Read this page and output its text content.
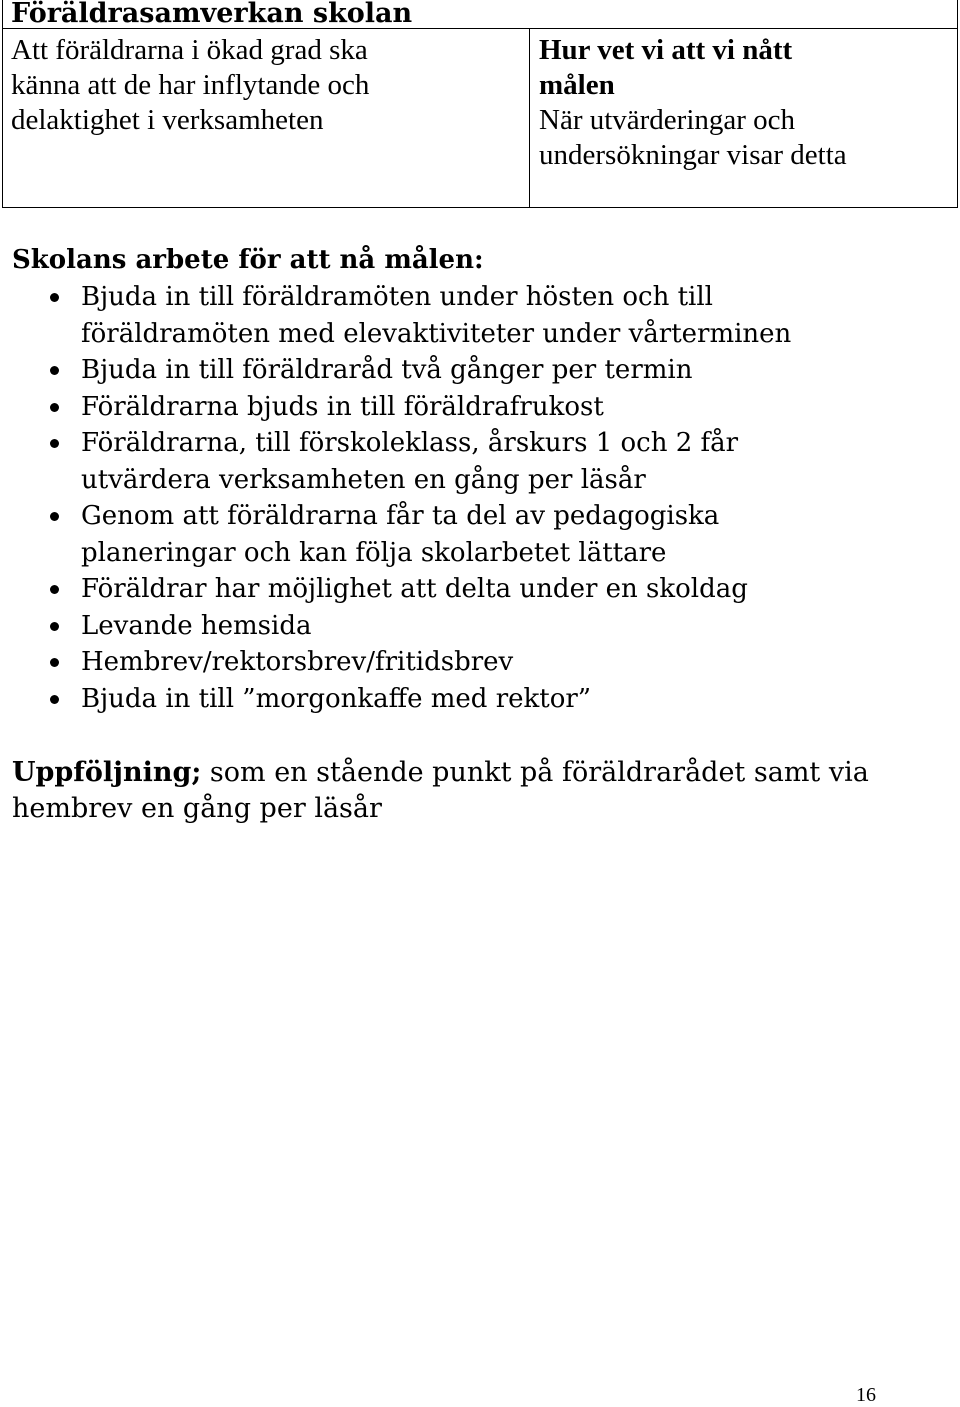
Föräldrasamverkan skolan
Att föräldrarna i ökad grad ska
känna att de har inflytande och
delaktighet i verksamheten
Hur vet vi att vi nått
målen
När utvärderingar och
undersökningar visar detta
Skolans arbete för att nå målen:
Bjuda in till föräldramöten under hösten och till
föräldramöten med elevaktiviteter under vårterminen
Bjuda in till föräldraråd två gånger per termin
Föräldrarna bjuds in till föräldrafrukost
Föräldrarna, till förskoleklass, årskurs 1 och 2 får
utvärdera verksamheten en gång per läsår
Genom att föräldrarna får ta del av pedagogiska
planeringar och kan följa skolarbetet lättare
Föräldrar har möjlighet att delta under en skoldag
Levande hemsida
Hembrev/rektorsbrev/fritidsbrev
Bjuda in till ”morgonkaffe med rektor”
Uppföljning; som en stående punkt på föräldrarådet samt via
hembrev en gång per läsår
16
